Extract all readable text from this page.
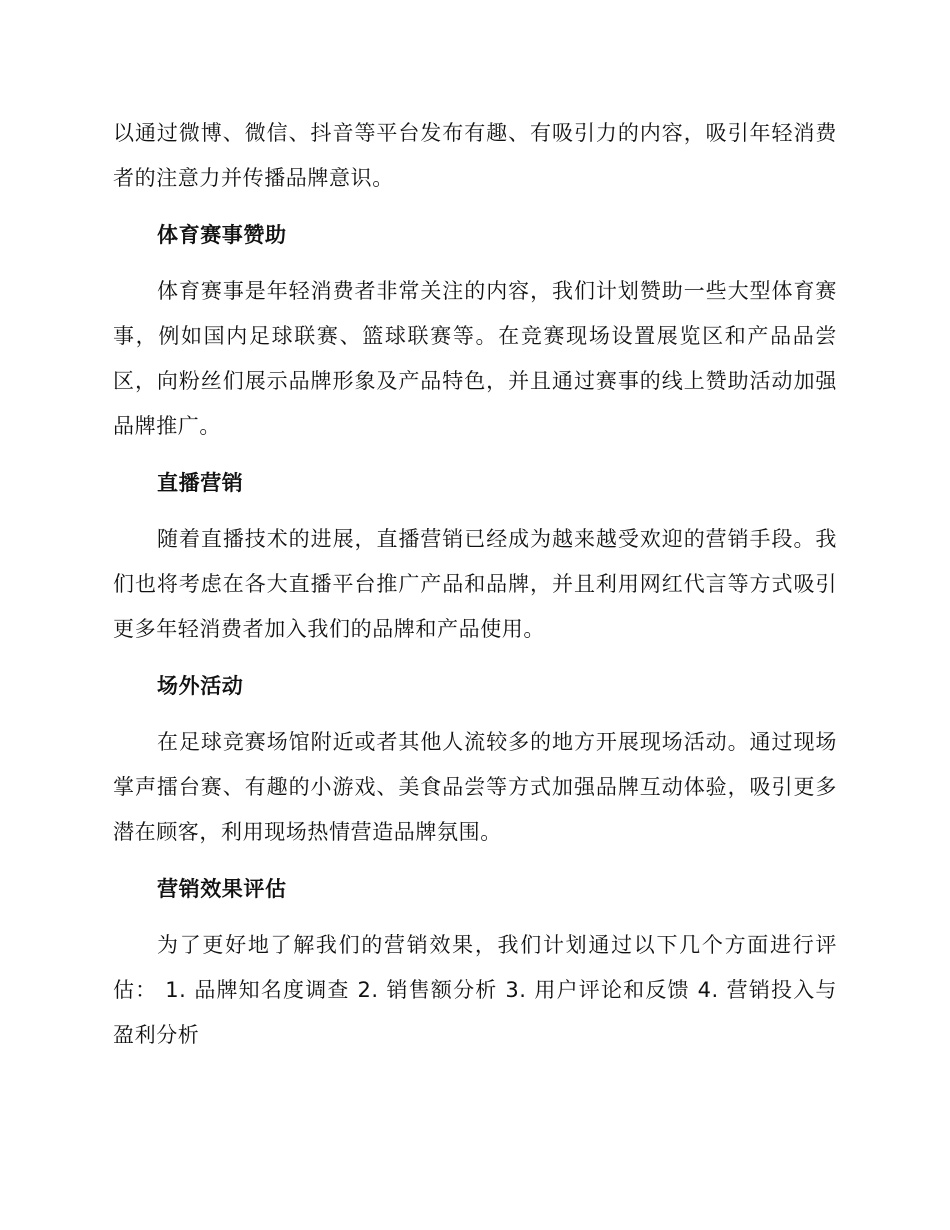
以通过微博、微信、抖音等平台发布有趣、有吸引力的内容，吸引年轻消费者的注意力并传播品牌意识。

体育赛事赞助

体育赛事是年轻消费者非常关注的内容，我们计划赞助一些大型体育赛事，例如国内足球联赛、篮球联赛等。在竞赛现场设置展览区和产品品尝区，向粉丝们展示品牌形象及产品特色，并且通过赛事的线上赞助活动加强品牌推广。

直播营销

随着直播技术的进展，直播营销已经成为越来越受欢迎的营销手段。我们也将考虑在各大直播平台推广产品和品牌，并且利用网红代言等方式吸引更多年轻消费者加入我们的品牌和产品使用。

场外活动

在足球竞赛场馆附近或者其他人流较多的地方开展现场活动。通过现场掌声擂台赛、有趣的小游戏、美食品尝等方式加强品牌互动体验，吸引更多潜在顾客，利用现场热情营造品牌氛围。

营销效果评估

为了更好地了解我们的营销效果，我们计划通过以下几个方面进行评估： 1. 品牌知名度调查 2. 销售额分析 3. 用户评论和反馈 4. 营销投入与盈利分析
